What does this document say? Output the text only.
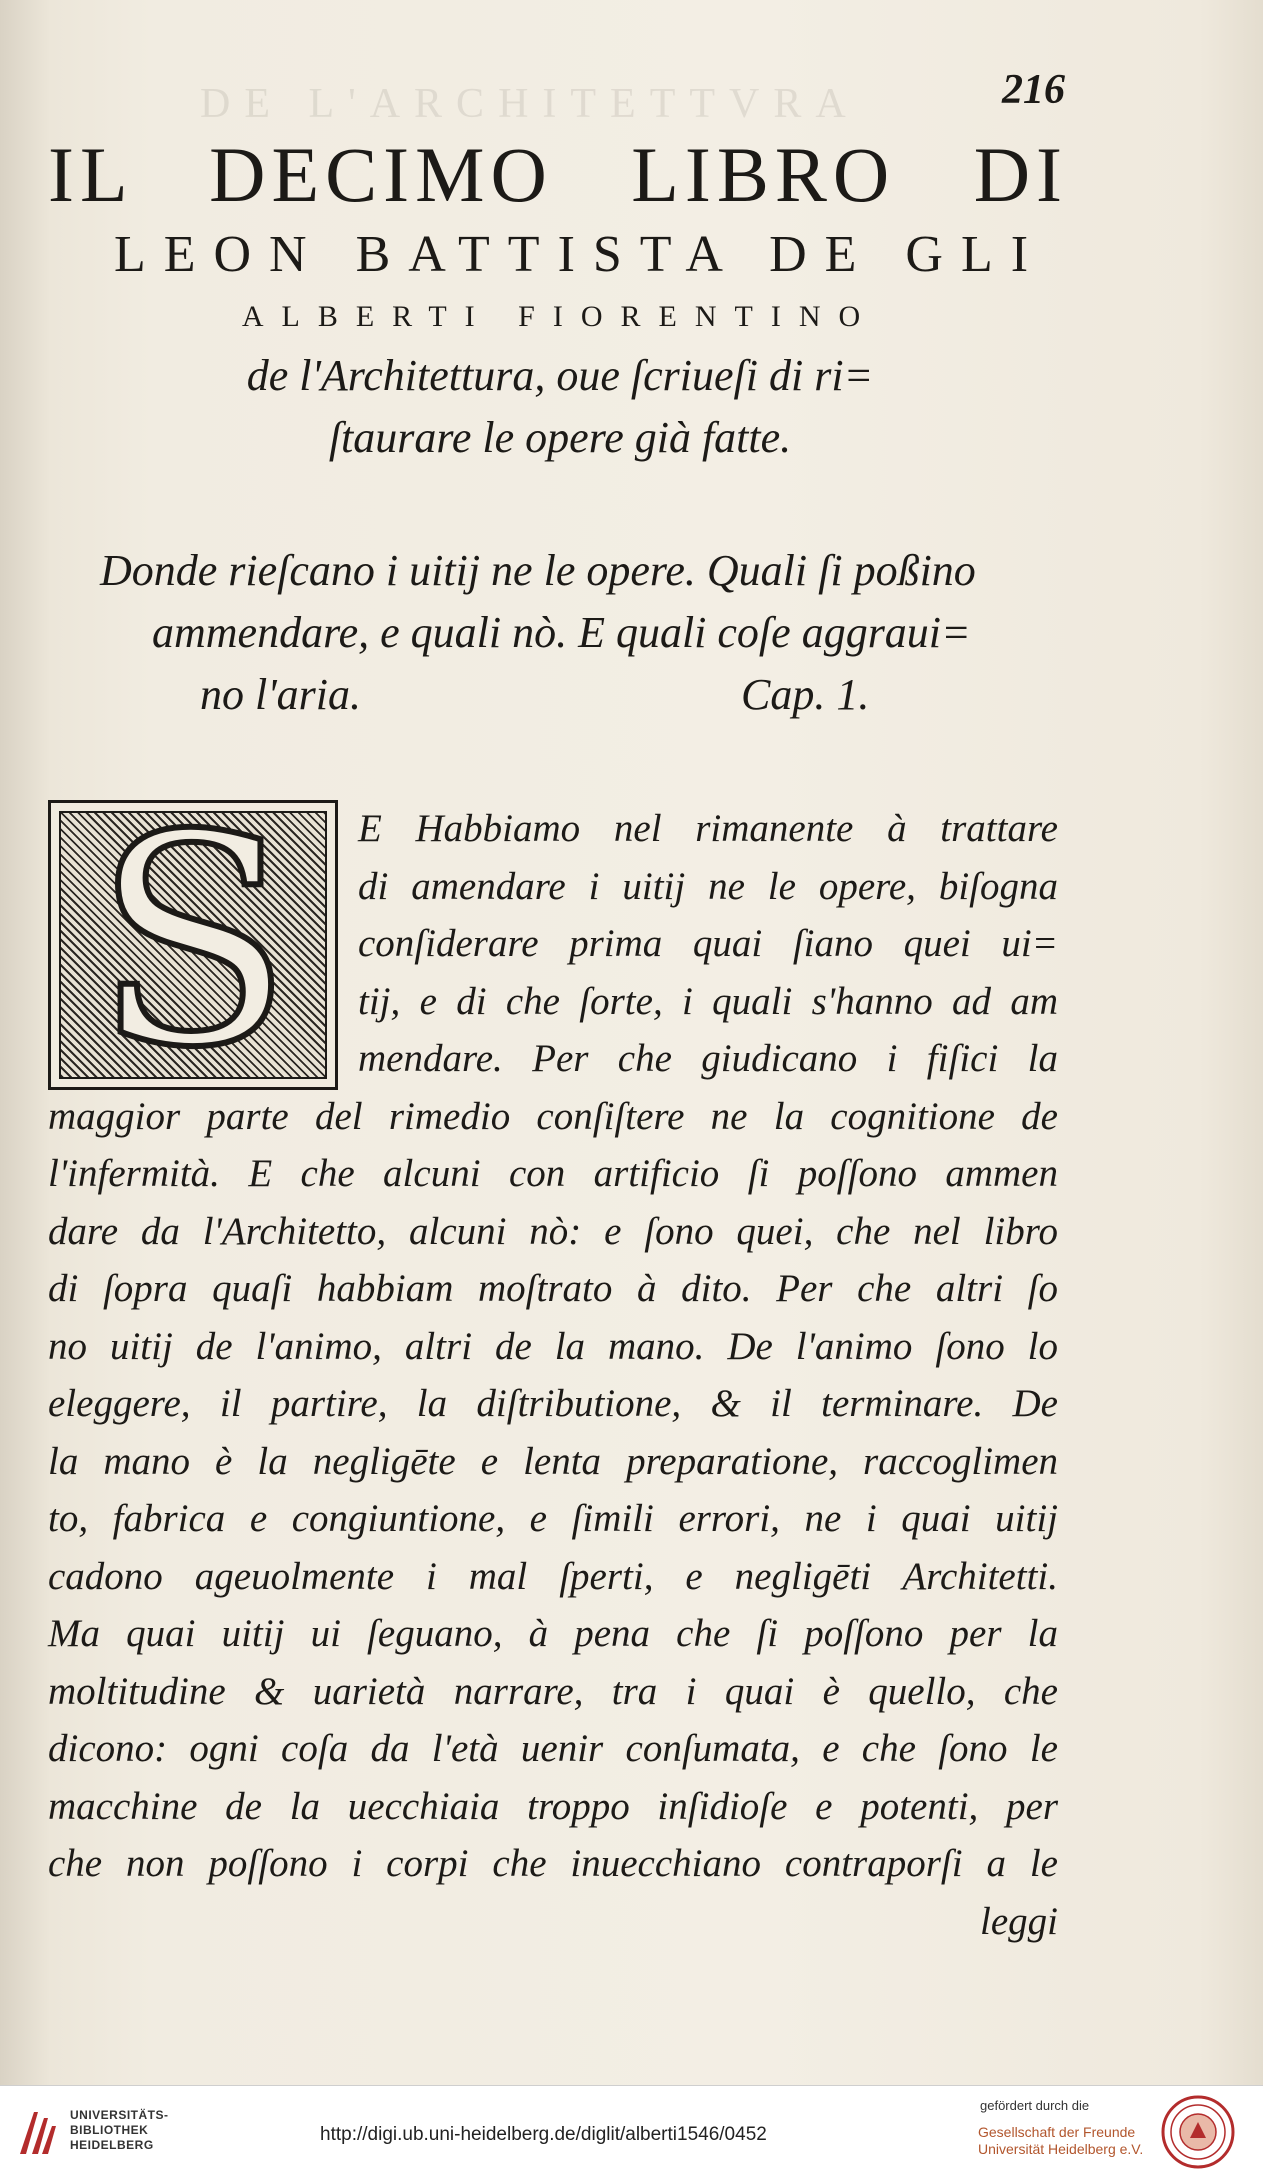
DE L'ARCHITETTVRA	216
IL DECIMO LIBRO DI
LEON BATTISTA DE GLI
ALBERTI FIORENTINO
de l'Architettura, oue ſcriueſi di ri=
ſtaurare le opere già fatte.
Donde rieſcano i uitij ne le opere. Quali ſi poßino
ammendare, e quali nò. E quali coſe aggraui=
no l'aria.	Cap. 1.
S	E Habbiamo nel rimanente à trattare
di amendare i uitij ne le opere, biſogna
conſiderare prima quai ſiano quei ui=
tij, e di che ſorte, i quali s'hanno ad am
mendare. Per che giudicano i fiſici la
maggior parte del rimedio conſiſtere ne la cognitione de
l'infermità. E che alcuni con artificio ſi poſſono ammen
dare da l'Architetto, alcuni nò: e ſono quei, che nel libro
di ſopra quaſi habbiam moſtrato à dito. Per che altri ſo
no uitij de l'animo, altri de la mano. De l'animo ſono lo
eleggere, il partire, la diſtributione, & il terminare. De
la mano è la negligēte e lenta preparatione, raccoglimen
to, fabrica e congiuntione, e ſimili errori, ne i quai uitij
cadono ageuolmente i mal ſperti, e negligēti Architetti.
Ma quai uitij ui ſeguano, à pena che ſi poſſono per la
moltitudine & uarietà narrare, tra i quai è quello, che
dicono: ogni coſa da l'età uenir conſumata, e che ſono le
macchine de la uecchiaia troppo inſidioſe e potenti, per
che non poſſono i corpi che inuecchiano contraporſi a le
leggi
UNIVERSITÄTS-
BIBLIOTHEK
HEIDELBERG	http://digi.ub.uni-heidelberg.de/diglit/alberti1546/0452
gefördert durch die
Gesellschaft der Freunde
Universität Heidelberg e.V.
